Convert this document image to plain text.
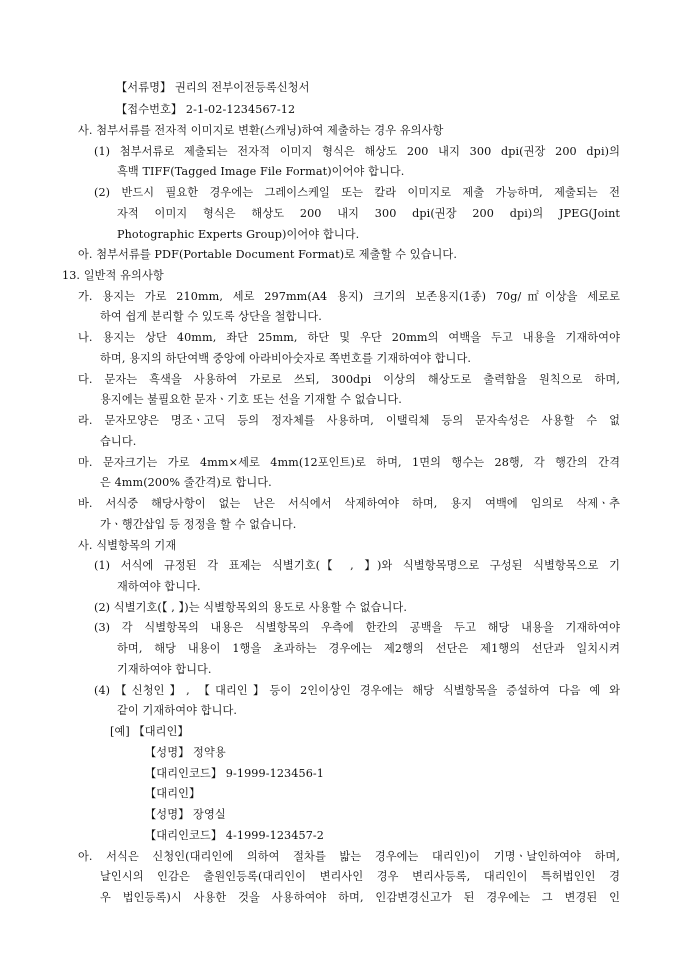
【서류명】 권리의 전부이전등록신청서
【접수번호】 2-1-02-1234567-12
사. 첨부서류를 전자적 이미지로 변환(스캐닝)하여 제출하는 경우 유의사항
(1) 첨부서류로 제출되는 전자적 이미지 형식은 해상도 200 내지 300 dpi(권장 200 dpi)의
흑백 TIFF(Tagged Image File Format)이어야 합니다.
(2) 반드시 필요한 경우에는 그레이스케일 또는 칼라 이미지로 제출 가능하며, 제출되는 전
자적 이미지 형식은 해상도 200 내지 300 dpi(권장 200 dpi)의 JPEG(Joint
Photographic Experts Group)이어야 합니다.
아. 첨부서류를 PDF(Portable Document Format)로 제출할 수 있습니다.
13. 일반적 유의사항
가. 용지는 가로 210mm, 세로 297mm(A4 용지) 크기의 보존용지(1종) 70g/㎡이상을 세로로
하여 쉽게 분리할 수 있도록 상단을 철합니다.
나. 용지는 상단 40mm, 좌단 25mm, 하단 및 우단 20mm의 여백을 두고 내용을 기재하여야
하며, 용지의 하단여백 중앙에 아라비아숫자로 쪽번호를 기재하여야 합니다.
다. 문자는 흑색을 사용하여 가로로 쓰되, 300dpi 이상의 해상도로 출력함을 원칙으로 하며,
용지에는 불필요한 문자ㆍ기호 또는 선을 기재할 수 없습니다.
라. 문자모양은 명조ㆍ고딕 등의 정자체를 사용하며, 이탤릭체 등의 문자속성은 사용할 수 없
습니다.
마. 문자크기는 가로 4mm×세로 4mm(12포인트)로 하며, 1면의 행수는 28행, 각 행간의 간격
은 4mm(200% 줄간격)로 합니다.
바. 서식중 해당사항이 없는 난은 서식에서 삭제하여야 하며, 용지 여백에 임의로 삭제ㆍ추
가ㆍ행간삽입 등 정정을 할 수 없습니다.
사. 식별항목의 기재
(1) 서식에 규정된 각 표제는 식별기호(【 , 】)와 식별항목명으로 구성된 식별항목으로 기
재하여야 합니다.
(2) 식별기호(【 , 】)는 식별항목외의 용도로 사용할 수 없습니다.
(3) 각 식별항목의 내용은 식별항목의 우측에 한칸의 공백을 두고 해당 내용을 기재하여야
하며, 해당 내용이 1행을 초과하는 경우에는 제2행의 선단은 제1행의 선단과 일치시켜
기재하여야 합니다.
(4)【신청인】, 【대리인】등이 2인이상인 경우에는 해당 식별항목을 증설하여 다음 예 와
같이 기재하여야 합니다.
[예] 【대리인】
【성명】 정약용
【대리인코드】 9-1999-123456-1
【대리인】
【성명】 장영실
【대리인코드】 4-1999-123457-2
아. 서식은 신청인(대리인에 의하여 절차를 밟는 경우에는 대리인)이 기명ㆍ날인하여야 하며,
날인시의 인감은 출원인등록(대리인이 변리사인 경우 변리사등록, 대리인이 특허법인인 경
우 법인등록)시 사용한 것을 사용하여야 하며, 인감변경신고가 된 경우에는 그 변경된 인
